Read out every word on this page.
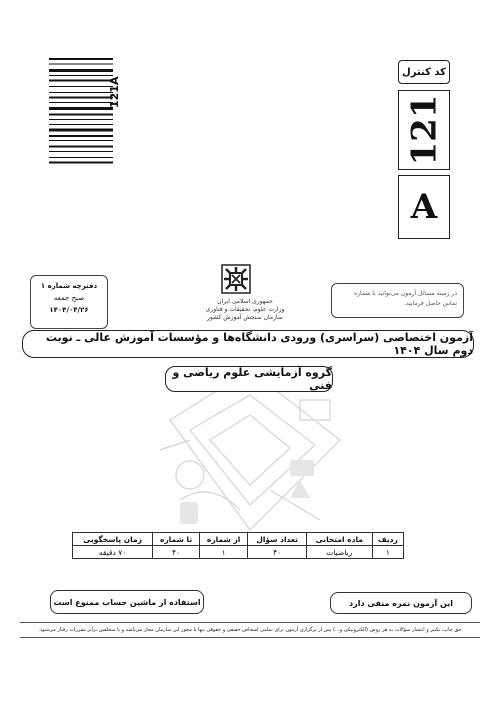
121A
کد کنترل
121
A
دفترچه شماره ۱
صبح جمعه
۱۴۰۴/۰۴/۲۶
جمهوری اسلامی ایران
وزارت علوم، تحقیقات و فناوری
سازمان سنجش آموزش کشور
در زمینه مسائل آزمون می‌توانید با شماره
تماس حاصل فرمایید.
آزمون اختصاصی (سراسری) ورودی دانشگاه‌ها و مؤسسات آموزش عالی ـ نوبت دوم سال ۱۴۰۴
گروه آزمایشی علوم ریاضی و فنی
ردیف	ماده امتحانی	تعداد سؤال	از شماره	تا شماره	زمان پاسخگویی
۱	ریاضیات	۴۰	۱	۴۰	۷۰ دقیقه
استفاده از ماشین حساب ممنوع است	این آزمون نمره منفی دارد
حق چاپ، تکثیر و انتشار سؤالات به هر روش (الکترونیکی و...) پس از برگزاری آزمون برای تمامی اشخاص حقیقی و حقوقی تنها با مجوز این سازمان مجاز می‌باشد و با متخلفین برابر مقررات رفتار می‌شود.
